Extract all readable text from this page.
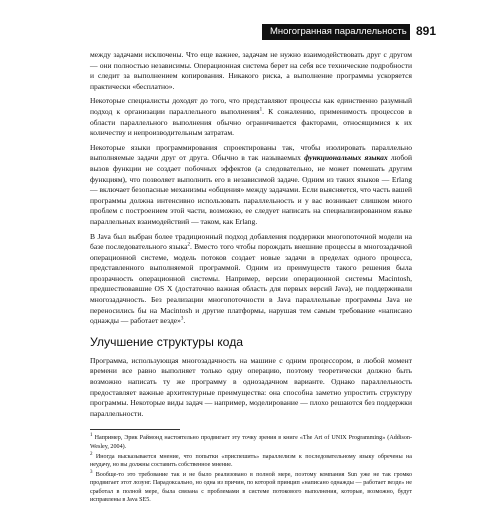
Многогранная параллельность 891

между задачами исключены. Что еще важнее, задачам не нужно взаимодействовать друг с другом — они полностью независимы. Операционная система берет на себя все технические подробности и следит за выполнением копирования. Никакого риска, а выполнение программы ускоряется практически «бесплатно».

Некоторые специалисты доходят до того, что представляют процессы как единственно разумный подход к организации параллельного выполнения$^1$. К сожалению, применимость процессов в области параллельного выполнения обычно ограничивается факторами, относящимися к их количеству и непроизводительным затратам.

Некоторые языки программирования спроектированы так, чтобы изолировать параллельно выполняемые задачи друг от друга. Обычно в так называемых функциональных языках любой вызов функции не создает побочных эффектов (а следовательно, не может помешать другим функциям), что позволяет выполнить его в независимой задаче. Одним из таких языков — Erlang — включает безопасные механизмы «общения» между задачами. Если выясняется, что часть вашей программы должна интенсивно использовать параллельность и у вас возникает слишком много проблем с построением этой части, возможно, ее следует написать на специализированном языке параллельных взаимодействий — таком, как Erlang.

В Java был выбран более традиционный подход добавления поддержки многопоточной модели на базе последовательного языка$^2$. Вместо того чтобы порождать внешние процессы в многозадачной операционной системе, модель потоков создает новые задачи в пределах одного процесса, представленного выполняемой программой. Одним из преимуществ такого решения была прозрачность операционной системы. Например, версии операционной системы Macintosh, предшествовавшие OS X (достаточно важная область для первых версий Java), не поддерживали многозадачность. Без реализации многопоточности в Java параллельные программы Java не переносились бы на Macintosh и другие платформы, нарушая тем самым требование «написано однажды — работает везде»$^3$.

Улучшение структуры кода

Программа, использующая многозадачность на машине с одним процессором, в любой момент времени все равно выполняет только одну операцию, поэтому теоретически должно быть возможно написать ту же программу в однозадачном варианте. Однако параллельность предоставляет важные архитектурные преимущества: она способна заметно упростить структуру программы. Некоторые виды задач — например, моделирование — плохо решаются без поддержки параллельности.

$^1$ Например, Эрик Раймонд настоятельно продвигает эту точку зрения в книге «The Art of UNIX Programming» (Addison-Wesley, 2004).

$^2$ Иногда высказывается мнение, что попытки «приспешить» параллелизм к последовательному языку обречены на неудачу, но вы должны составить собственное мнение.

$^3$ Вообще-то это требование так и не было реализовано в полной мере, поэтому компания Sun уже не так громко продвигает этот лозунг. Парадоксально, но одна из причин, по которой принцип «написано однажды — работает везде» не сработал в полной мере, была связана с проблемами в системе потокового выполнения, которые, возможно, будут исправлены в Java SE5.
